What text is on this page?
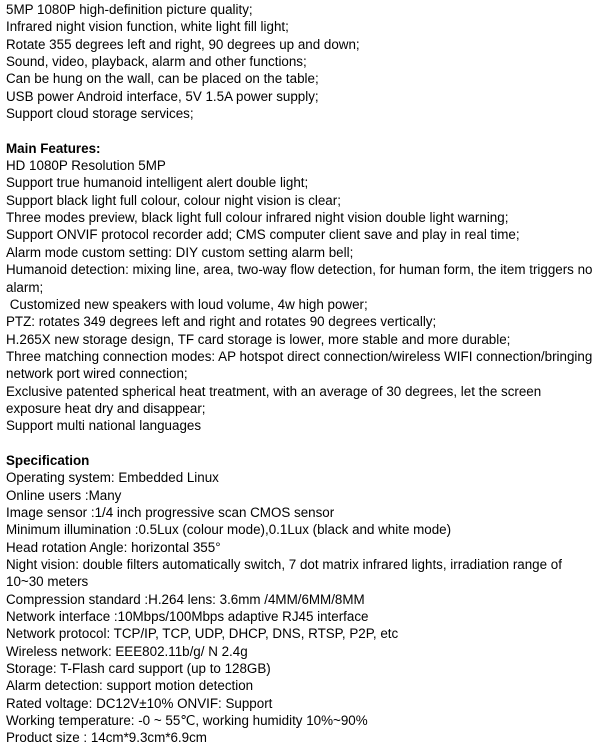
5MP 1080P high-definition picture quality;

Infrared night vision function, white light fill light;

Rotate 355 degrees left and right, 90 degrees up and down;

Sound, video, playback, alarm and other functions;

Can be hung on the wall, can be placed on the table;

USB power Android interface, 5V 1.5A power supply;

Support cloud storage services;

Main Features:

HD 1080P Resolution 5MP

Support true humanoid intelligent alert double light;

Support black light full colour, colour night vision is clear;

Three modes preview, black light full colour infrared night vision double light warning;

Support ONVIF protocol recorder add; CMS computer client save and play in real time;

Alarm mode custom setting: DIY custom setting alarm bell;

Humanoid detection: mixing line, area, two-way flow detection, for human form, the item triggers no alarm;

Customized new speakers with loud volume, 4w high power;

PTZ: rotates 349 degrees left and right and rotates 90 degrees vertically;

H.265X new storage design, TF card storage is lower, more stable and more durable;

Three matching connection modes: AP hotspot direct connection/wireless WIFI connection/bringing network port wired connection;

Exclusive patented spherical heat treatment, with an average of 30 degrees, let the screen exposure heat dry and disappear;

Support multi national languages

Specification

Operating system: Embedded Linux

Online users :Many

Image sensor :1/4 inch progressive scan CMOS sensor

Minimum illumination :0.5Lux (colour mode),0.1Lux (black and white mode)

Head rotation Angle: horizontal 355°

Night vision: double filters automatically switch, 7 dot matrix infrared lights, irradiation range of 10~30 meters

Compression standard :H.264 lens: 3.6mm /4MM/6MM/8MM

Network interface :10Mbps/100Mbps adaptive RJ45 interface

Network protocol: TCP/IP, TCP, UDP, DHCP, DNS, RTSP, P2P, etc

Wireless network: EEE802.11b/g/ N 2.4g

Storage: T-Flash card support (up to 128GB)

Alarm detection: support motion detection

Rated voltage: DC12V±10% ONVIF: Support

Working temperature: -0 ~ 55℃, working humidity 10%~90%

Product size : 14cm*9.3cm*6.9cm
